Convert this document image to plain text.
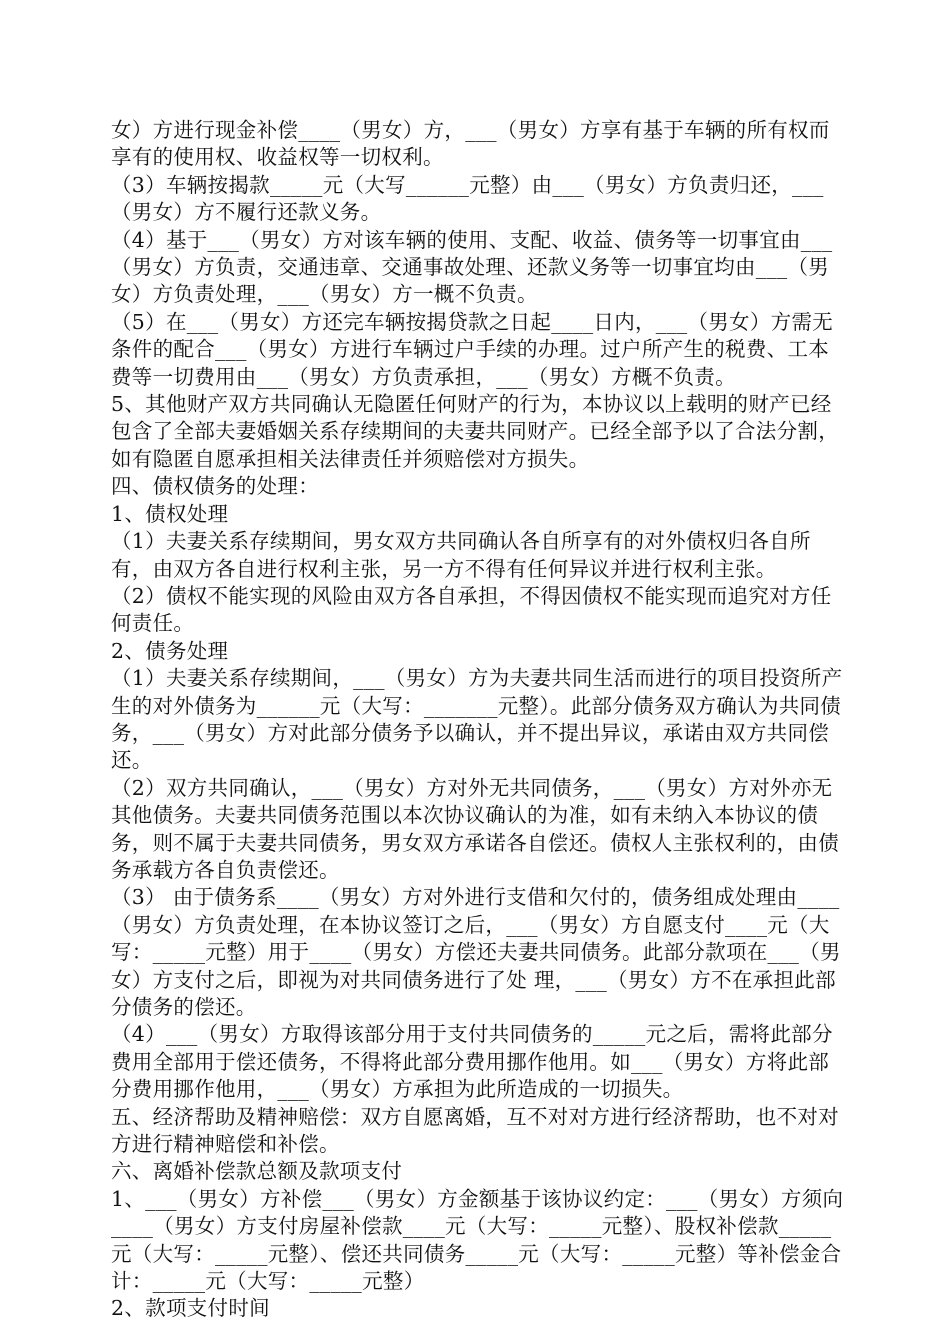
女）方进行现金补偿____（男女）方，___（男女）方享有基于车辆的所有权而享有的使用权、收益权等一切权利。

（3）车辆按揭款_____元（大写______元整）由___（男女）方负责归还，___（男女）方不履行还款义务。

（4）基于___（男女）方对该车辆的使用、支配、收益、债务等一切事宜由___（男女）方负责，交通违章、交通事故处理、还款义务等一切事宜均由___（男女）方负责处理，___（男女）方一概不负责。

（5）在___（男女）方还完车辆按揭贷款之日起____日内，___（男女）方需无条件的配合___（男女）方进行车辆过户手续的办理。过户所产生的税费、工本费等一切费用由___（男女）方负责承担，___（男女）方概不负责。

5、其他财产双方共同确认无隐匿任何财产的行为，本协议以上载明的财产已经包含了全部夫妻婚姻关系存续期间的夫妻共同财产。已经全部予以了合法分割，如有隐匿自愿承担相关法律责任并须赔偿对方损失。

四、债权债务的处理：

1、债权处理

（1）夫妻关系存续期间，男女双方共同确认各自所享有的对外债权归各自所有，由双方各自进行权利主张，另一方不得有任何异议并进行权利主张。

（2）债权不能实现的风险由双方各自承担，不得因债权不能实现而追究对方任何责任。

2、债务处理

（1）夫妻关系存续期间，___（男女）方为夫妻共同生活而进行的项目投资所产生的对外债务为______元（大写：_______元整）。此部分债务双方确认为共同债务，___（男女）方对此部分债务予以确认，并不提出异议，承诺由双方共同偿还。

（2）双方共同确认，___（男女）方对外无共同债务，___（男女）方对外亦无其他债务。夫妻共同债务范围以本次协议确认的为准，如有未纳入本协议的债务，则不属于夫妻共同债务，男女双方承诺各自偿还。债权人主张权利的，由债务承载方各自负责偿还。

（3） 由于债务系____（男女）方对外进行支借和欠付的，债务组成处理由____（男女）方负责处理，在本协议签订之后，___（男女）方自愿支付____元（大写：_____元整）用于____（男女）方偿还夫妻共同债务。此部分款项在___（男女）方支付之后，即视为对共同债务进行了处 理，___（男女）方不在承担此部分债务的偿还。

（4）___（男女）方取得该部分用于支付共同债务的_____元之后，需将此部分费用全部用于偿还债务，不得将此部分费用挪作他用。如___（男女）方将此部分费用挪作他用，___（男女）方承担为此所造成的一切损失。

五、经济帮助及精神赔偿：双方自愿离婚，互不对对方进行经济帮助，也不对对方进行精神赔偿和补偿。

六、离婚补偿款总额及款项支付

1、___（男女）方补偿___（男女）方金额基于该协议约定：___（男女）方须向____（男女）方支付房屋补偿款____元（大写：_____元整）、股权补偿款_____元（大写：_____元整）、偿还共同债务_____元（大写：_____元整）等补偿金合计：_____元（大写：_____元整）

2、款项支付时间
